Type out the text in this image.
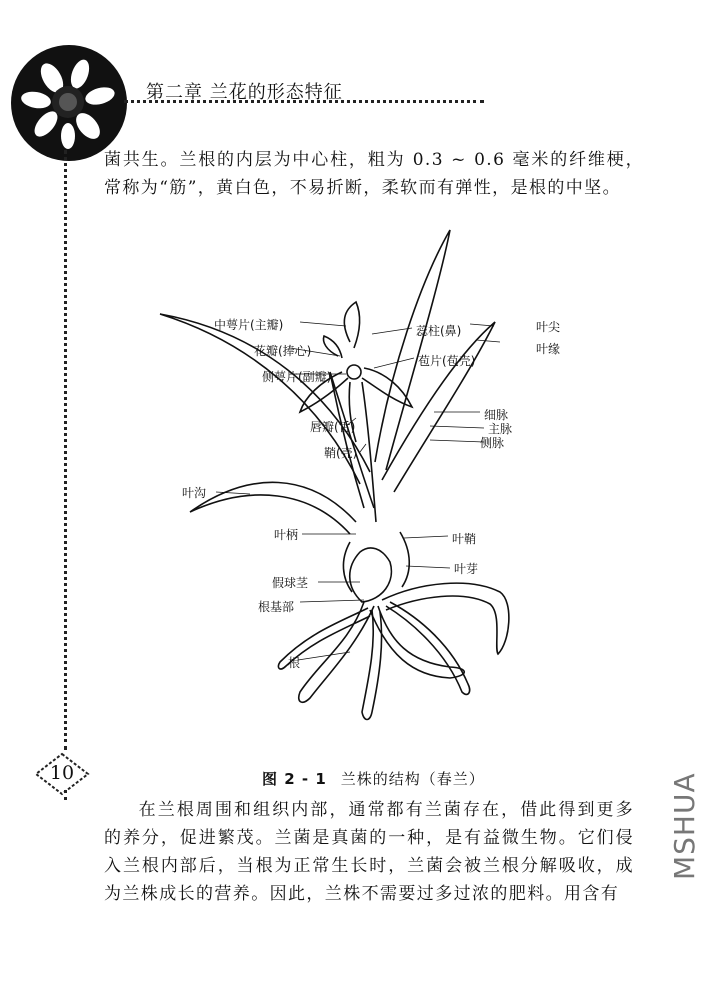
第二章 兰花的形态特征
10
菌共生。兰根的内层为中心柱，粗为 0.3 ~ 0.6 毫米的纤维梗，常称为“筋”，黄白色，不易折断，柔软而有弹性，是根的中坚。
中萼片(主瓣)
花瓣(捧心)
侧萼片(副瓣)
唇瓣(舌)
鞘(壳)
叶沟
叶柄
假球茎
根基部
根
蕊柱(鼻)
苞片(苞壳)
叶尖
叶缘
细脉
主脉
侧脉
叶鞘
叶芽
图 2 - 1 兰株的结构（春兰）
在兰根周围和组织内部，通常都有兰菌存在，借此得到更多的养分，促进繁茂。兰菌是真菌的一种，是有益微生物。它们侵入兰根内部后，当根为正常生长时，兰菌会被兰根分解吸收，成为兰株成长的营养。因此，兰株不需要过多过浓的肥料。用含有
MSHUA
